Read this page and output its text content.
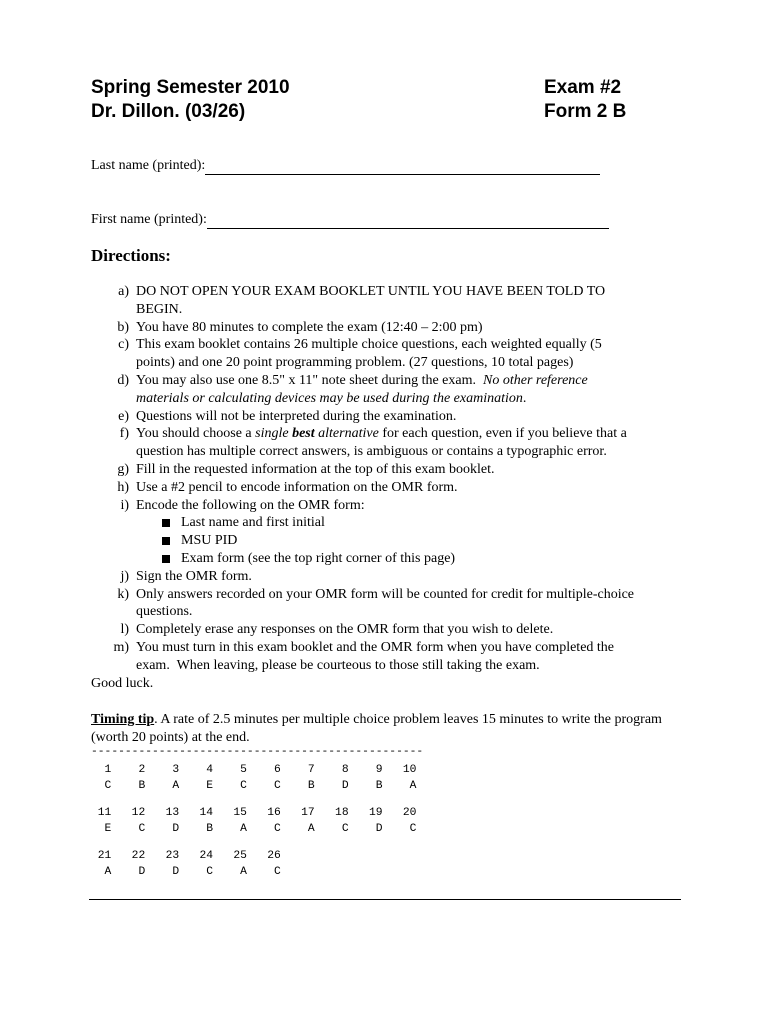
Spring Semester 2010
Dr. Dillon. (03/26)
Exam #2
Form 2 B
Last name (printed):
First name (printed):
Directions:
a) DO NOT OPEN YOUR EXAM BOOKLET UNTIL YOU HAVE BEEN TOLD TO
BEGIN.
b) You have 80 minutes to complete the exam (12:40 – 2:00 pm)
c) This exam booklet contains 26 multiple choice questions, each weighted equally (5
points) and one 20 point programming problem. (27 questions, 10 total pages)
d) You may also use one 8.5" x 11" note sheet during the exam.  No other reference
materials or calculating devices may be used during the examination.
e) Questions will not be interpreted during the examination.
f) You should choose a single best alternative for each question, even if you believe that a
question has multiple correct answers, is ambiguous or contains a typographic error.
g) Fill in the requested information at the top of this exam booklet.
h) Use a #2 pencil to encode information on the OMR form.
i) Encode the following on the OMR form:
Last name and first initial
MSU PID
Exam form (see the top right corner of this page)
j) Sign the OMR form.
k) Only answers recorded on your OMR form will be counted for credit for multiple-choice
questions.
l) Completely erase any responses on the OMR form that you wish to delete.
m) You must turn in this exam booklet and the OMR form when you have completed the
exam.  When leaving, please be courteous to those still taking the exam.
Good luck.
Timing tip. A rate of 2.5 minutes per multiple choice problem leaves 15 minutes to write the program (worth 20 points) at the end.
-------------------------------------------------
1    2    3    4    5    6    7    8    9   10
C    B    A    E    C    C    B    D    B    A
11   12   13   14   15   16   17   18   19   20
E    C    D    B    A    C    A    C    D    C
21   22   23   24   25   26
A    D    D    C    A    C
